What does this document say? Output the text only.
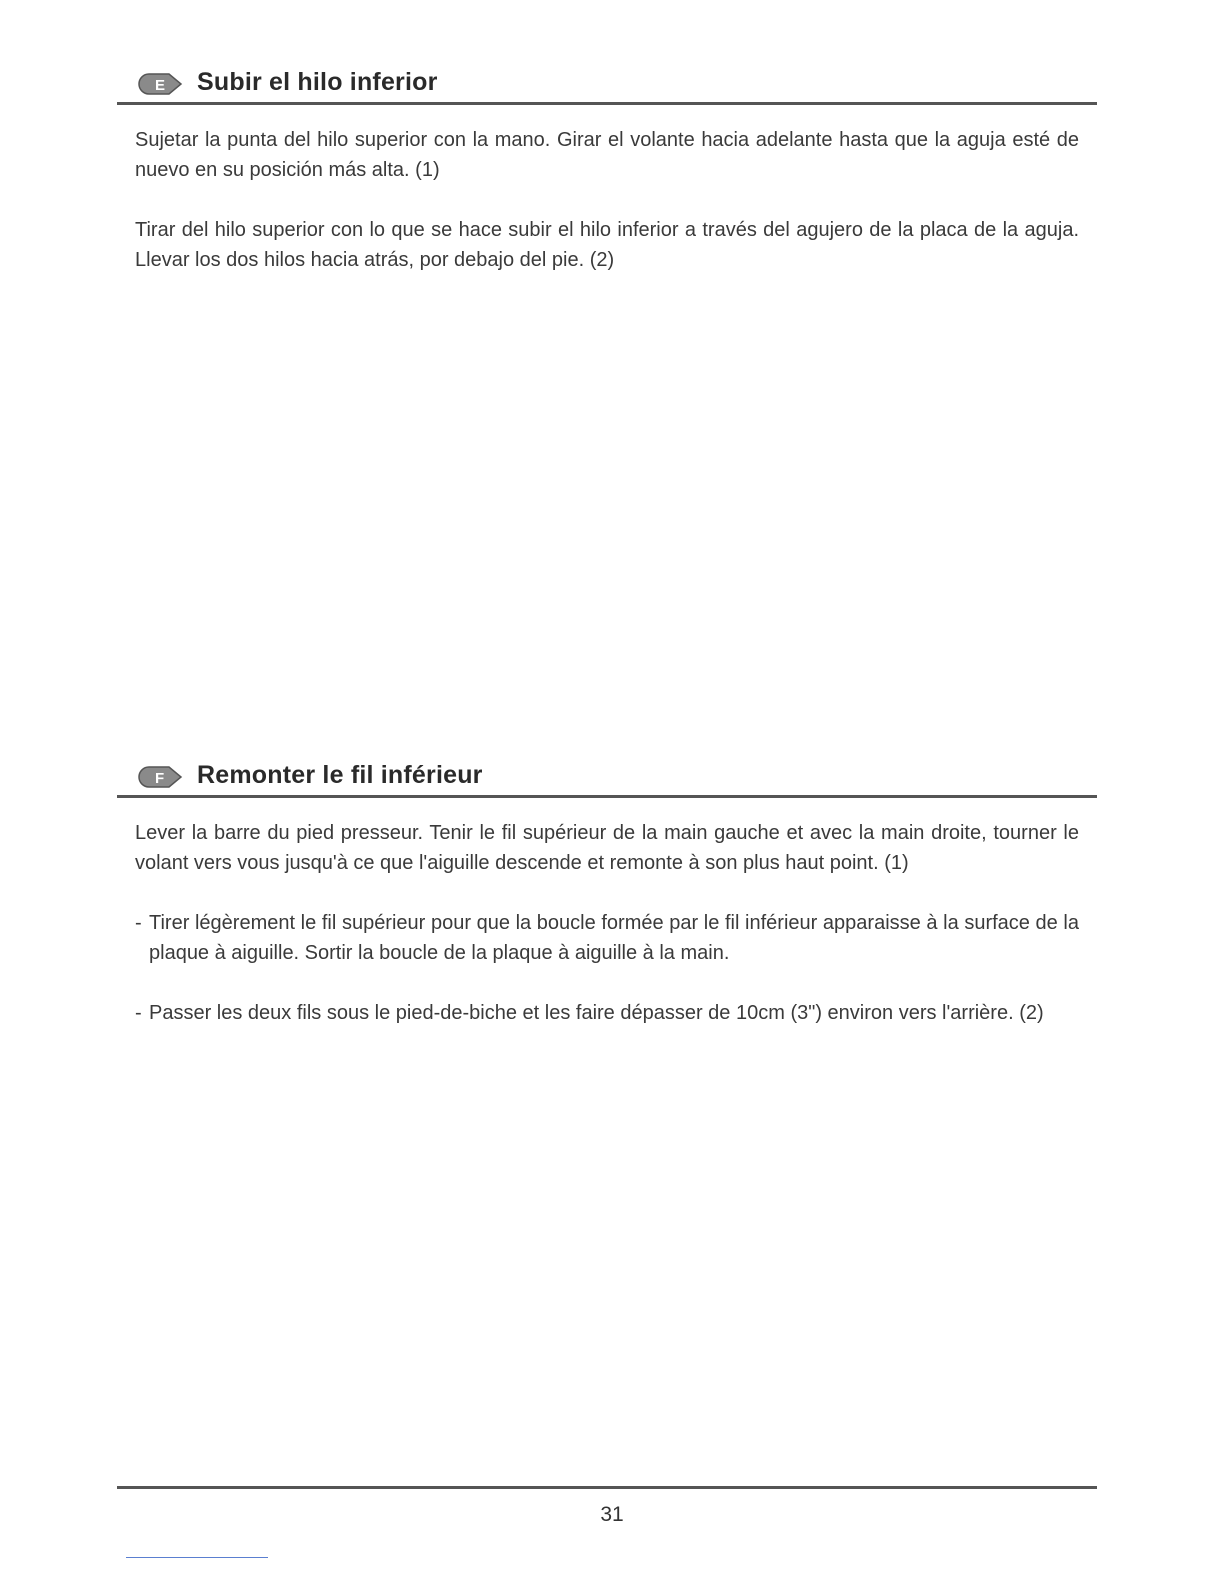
E Subir el hilo inferior

Sujetar la punta del hilo superior con la mano. Girar el volante hacia adelante hasta que la aguja esté de nuevo en su posición más alta. (1)

Tirar del hilo superior con lo que se hace subir el hilo inferior a través del agujero de la placa de la aguja. Llevar los dos hilos hacia atrás, por debajo del pie. (2)

F Remonter le fil inférieur

Lever la barre du pied presseur. Tenir le fil supérieur de la main gauche et avec la main droite, tourner le volant vers vous jusqu'à ce que l'aiguille descende et remonte à son plus haut point. (1)

- Tirer légèrement le fil supérieur pour que la boucle formée par le fil inférieur apparaisse à la surface de la plaque à aiguille. Sortir la boucle de la plaque à aiguille à la main.
- Passer les deux fils sous le pied-de-biche et les faire dépasser de 10cm (3") environ vers l'arrière. (2)
31
